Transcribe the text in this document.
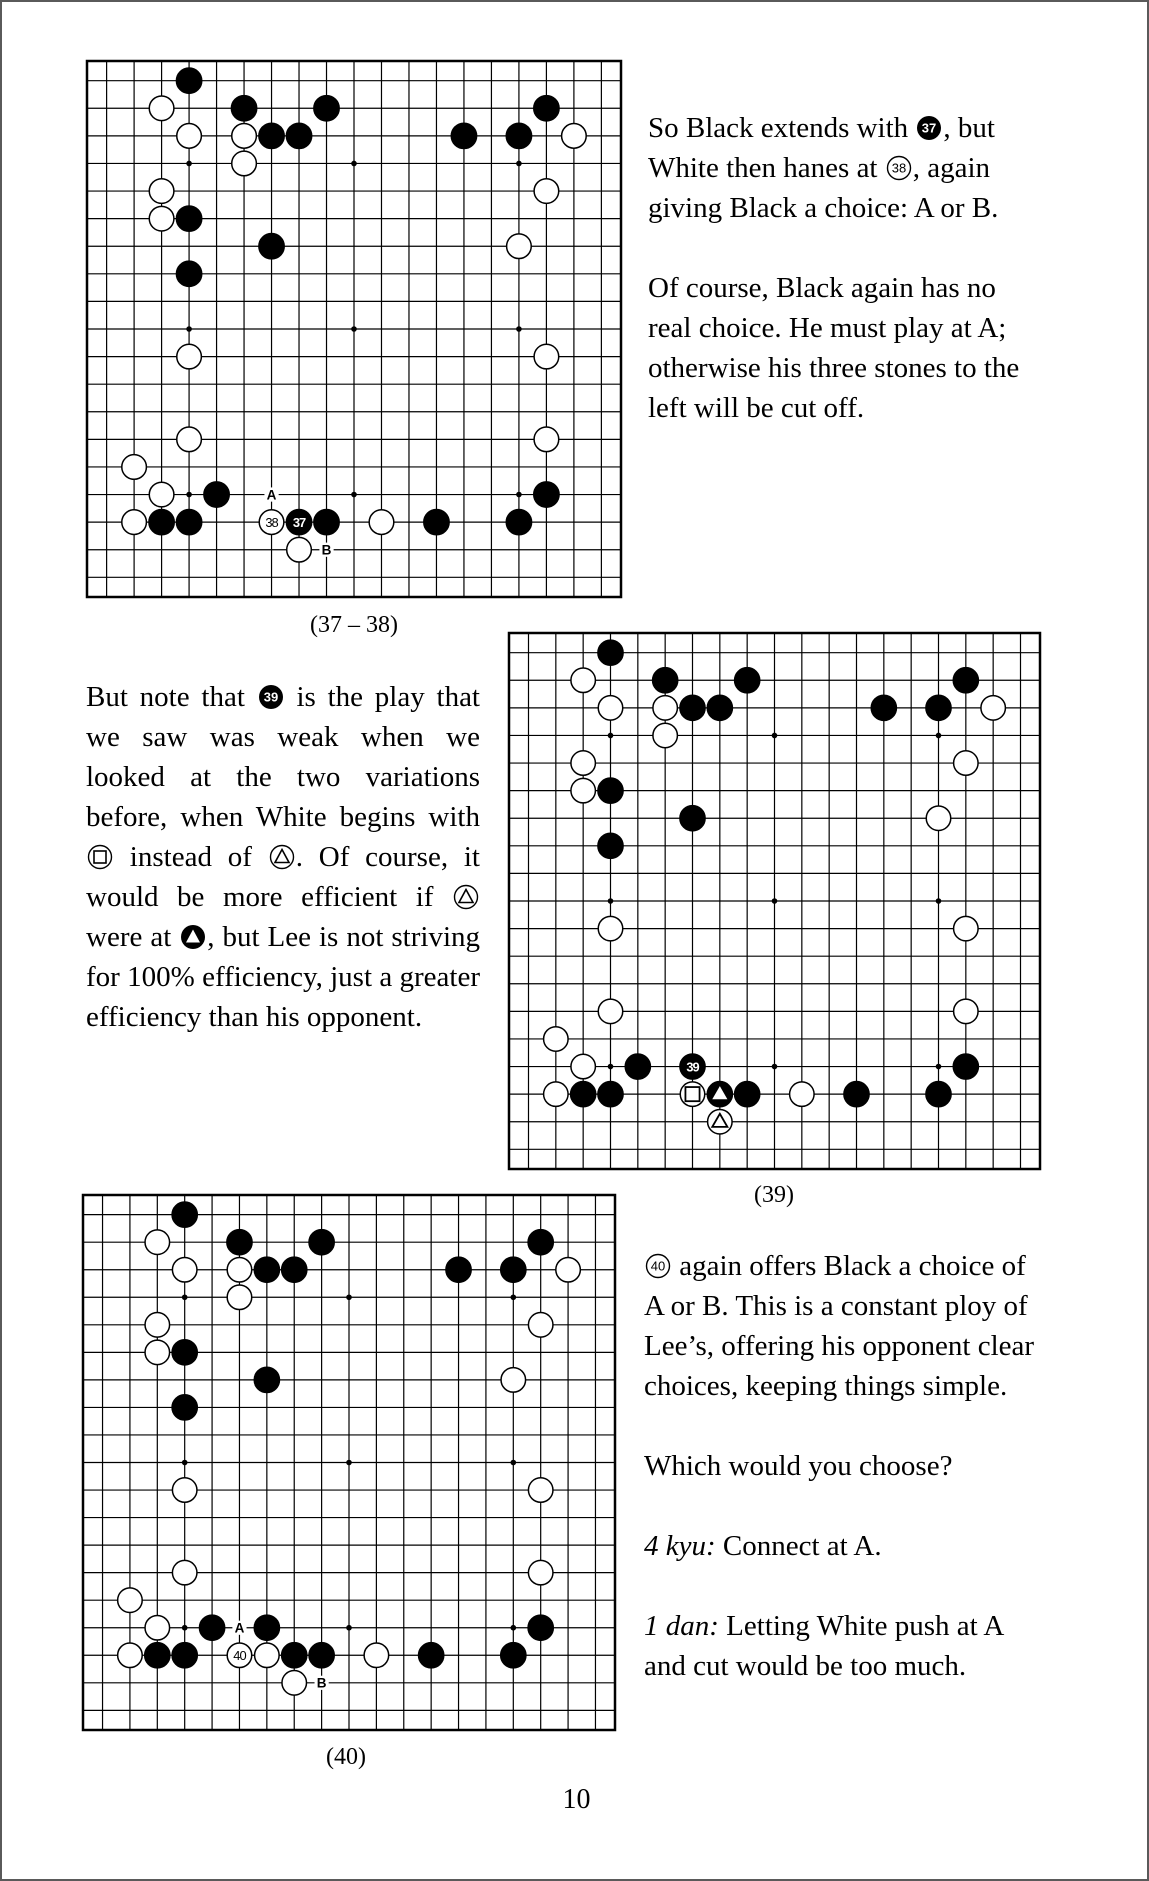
38 37
A
B
(37 – 38)

So Black extends with 37 , but White then hanes at 38 , again giving Black a choice: A or B.

Of course, Black again has no real choice. He must play at A; otherwise his three stones to the left will be cut off.

But note that 39 is the play that we saw was weak when we looked at the two variations before, when White begins with
instead of
. Of course, it would be more efficient if
were at
, but Lee is not striving for 100% efficiency, just a greater efficiency than his opponent.

39
(39)
40
A
B
(40)

40 again offers Black a choice of A or B. This is a constant ploy of Lee’s, offering his opponent clear choices, keeping things simple.

Which would you choose?

4 kyu: Connect at A.

1 dan: Letting White push at A and cut would be too much.

10
